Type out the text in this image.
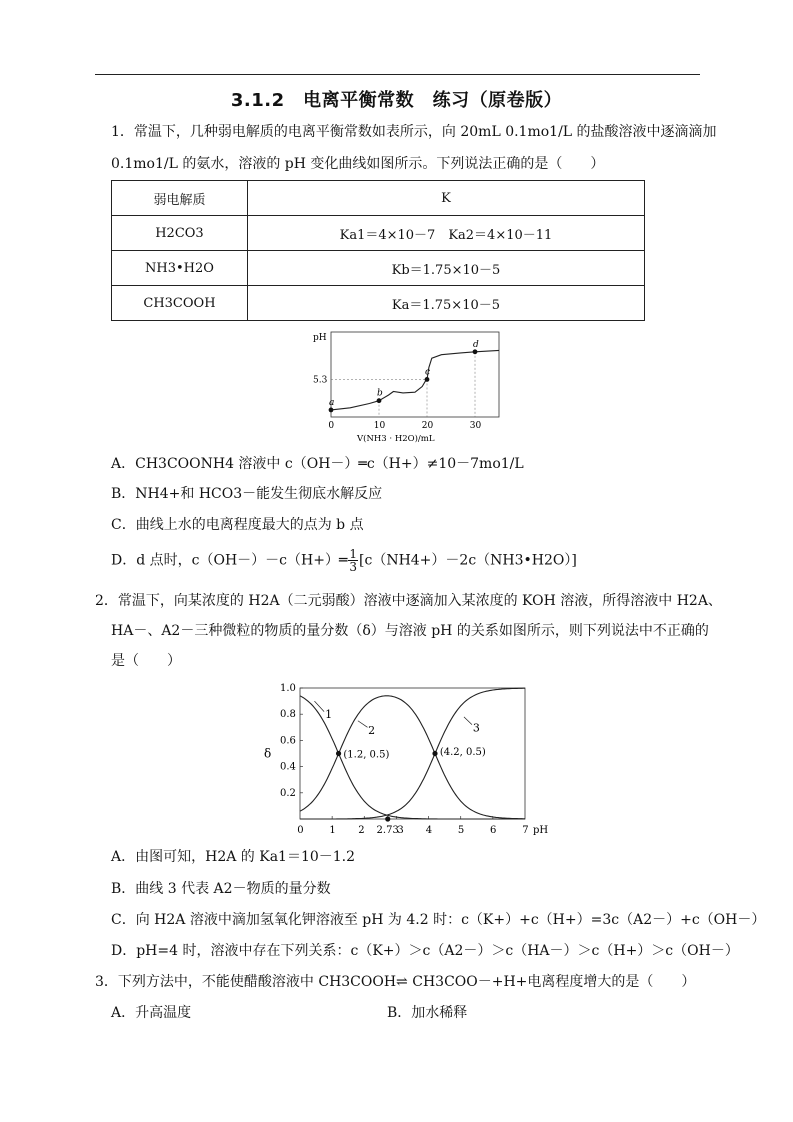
3.1.2　电离平衡常数　练习（原卷版）
1．常温下，几种弱电解质的电离平衡常数如表所示，向 20mL 0.1mo1/L 的盐酸溶液中逐滴滴加
0.1mo1/L 的氨水，溶液的 pH 变化曲线如图所示。下列说法正确的是（　　）
弱电解质	K
H2CO3	Ka1＝4×10－7　Ka2＝4×10－11
NH3•H2O	Kb＝1.75×10－5
CH3COOH	Ka＝1.75×10－5
pH
5.3
0	10	20	30
V(NH3 · H2O)/mL
a
b
c
d
A．CH3COONH4 溶液中 c（OH－）═c（H+）≠10－7mo1/L
B．NH4+和 HCO3－能发生彻底水解反应
C．曲线上水的电离程度最大的点为 b 点
D．d 点时，c（OH－）－c（H+）═ $\frac{1}{3}$ [c（NH4+）－2c（NH3•H2O）]
2．常温下，向某浓度的 H2A（二元弱酸）溶液中逐滴加入某浓度的 KOH 溶液，所得溶液中 H2A、
HA－、A2－三种微粒的物质的量分数（δ）与溶液 pH 的关系如图所示，则下列说法中不正确的
是（　　）
0.2
0.4
0.6
0.8
1.0
δ
0	1 2 2.73
3 4	5	6	7 pH
1
2	3
(1.2, 0.5)	(4.2, 0.5)
A．由图可知，H2A 的 Ka1＝10－1.2
B．曲线 3 代表 A2－物质的量分数
C．向 H2A 溶液中滴加氢氧化钾溶液至 pH 为 4.2 时：c（K+）+c（H+）=3c（A2－）+c（OH－）
D．pH=4 时，溶液中存在下列关系：c（K+）＞c（A2－）＞c（HA－）＞c（H+）＞c（OH－）
3．下列方法中，不能使醋酸溶液中 CH3COOH⇌ CH3COO－+H+电离程度增大的是（　　）
A．升高温度	B．加水稀释
